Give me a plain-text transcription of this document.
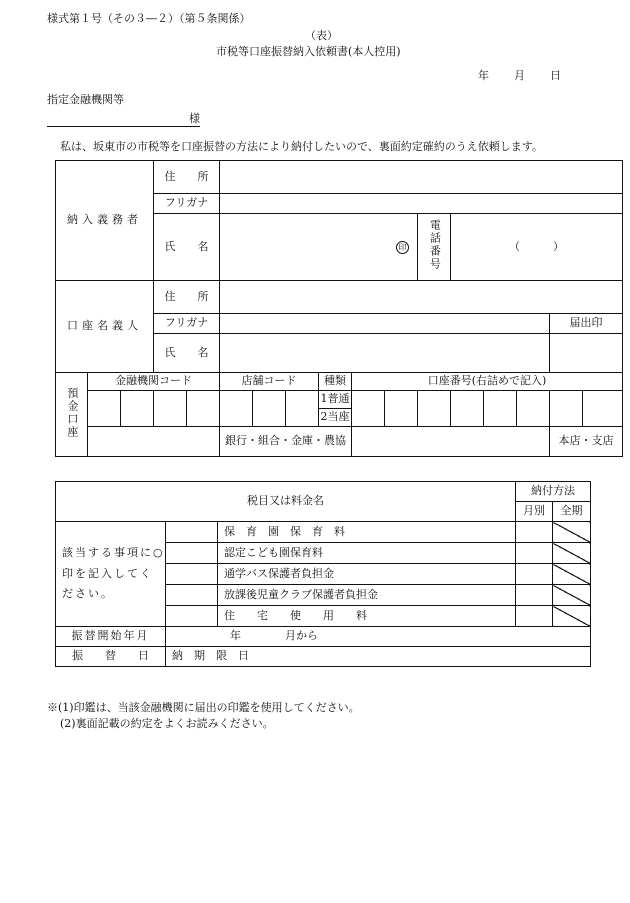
様式第１号（その３―２）（第５条関係）
（表）
市税等口座振替納入依頼書(本人控用)
年 月 日
指定金融機関等
様
私は、坂東市の市税等を口座振替の方法により納付したいので、裏面約定確約のうえ依頼します。
納入義務者			住　　所													
			フリガナ													
			氏　　名		印						電話番号	（　　　）				
口座名義人			住　　所													
			フリガナ												届出印	
			氏　　名													
預金口座	金融機関コード				店舗コード			種類	口座番号(右詰めで記入)							
								1普通								
								2当座								
					銀行・組合・金庫・農協										本店・支店	
税目又は料金名			納付方法	
			月別	全期
該当する事項に○印を記入してください。		保　育　園　保　育　料		
		認定こども園保育料		
		通学バス保護者負担金		
		放課後児童クラブ保護者負担金		
		住　　宅　　使　　用　　料		
振替開始年月	年　　　　月から			
振　　替　　日	納　期　限　日			
※(1)印鑑は、当該金融機関に届出の印鑑を使用してください。
(2)裏面記載の約定をよくお読みください。
